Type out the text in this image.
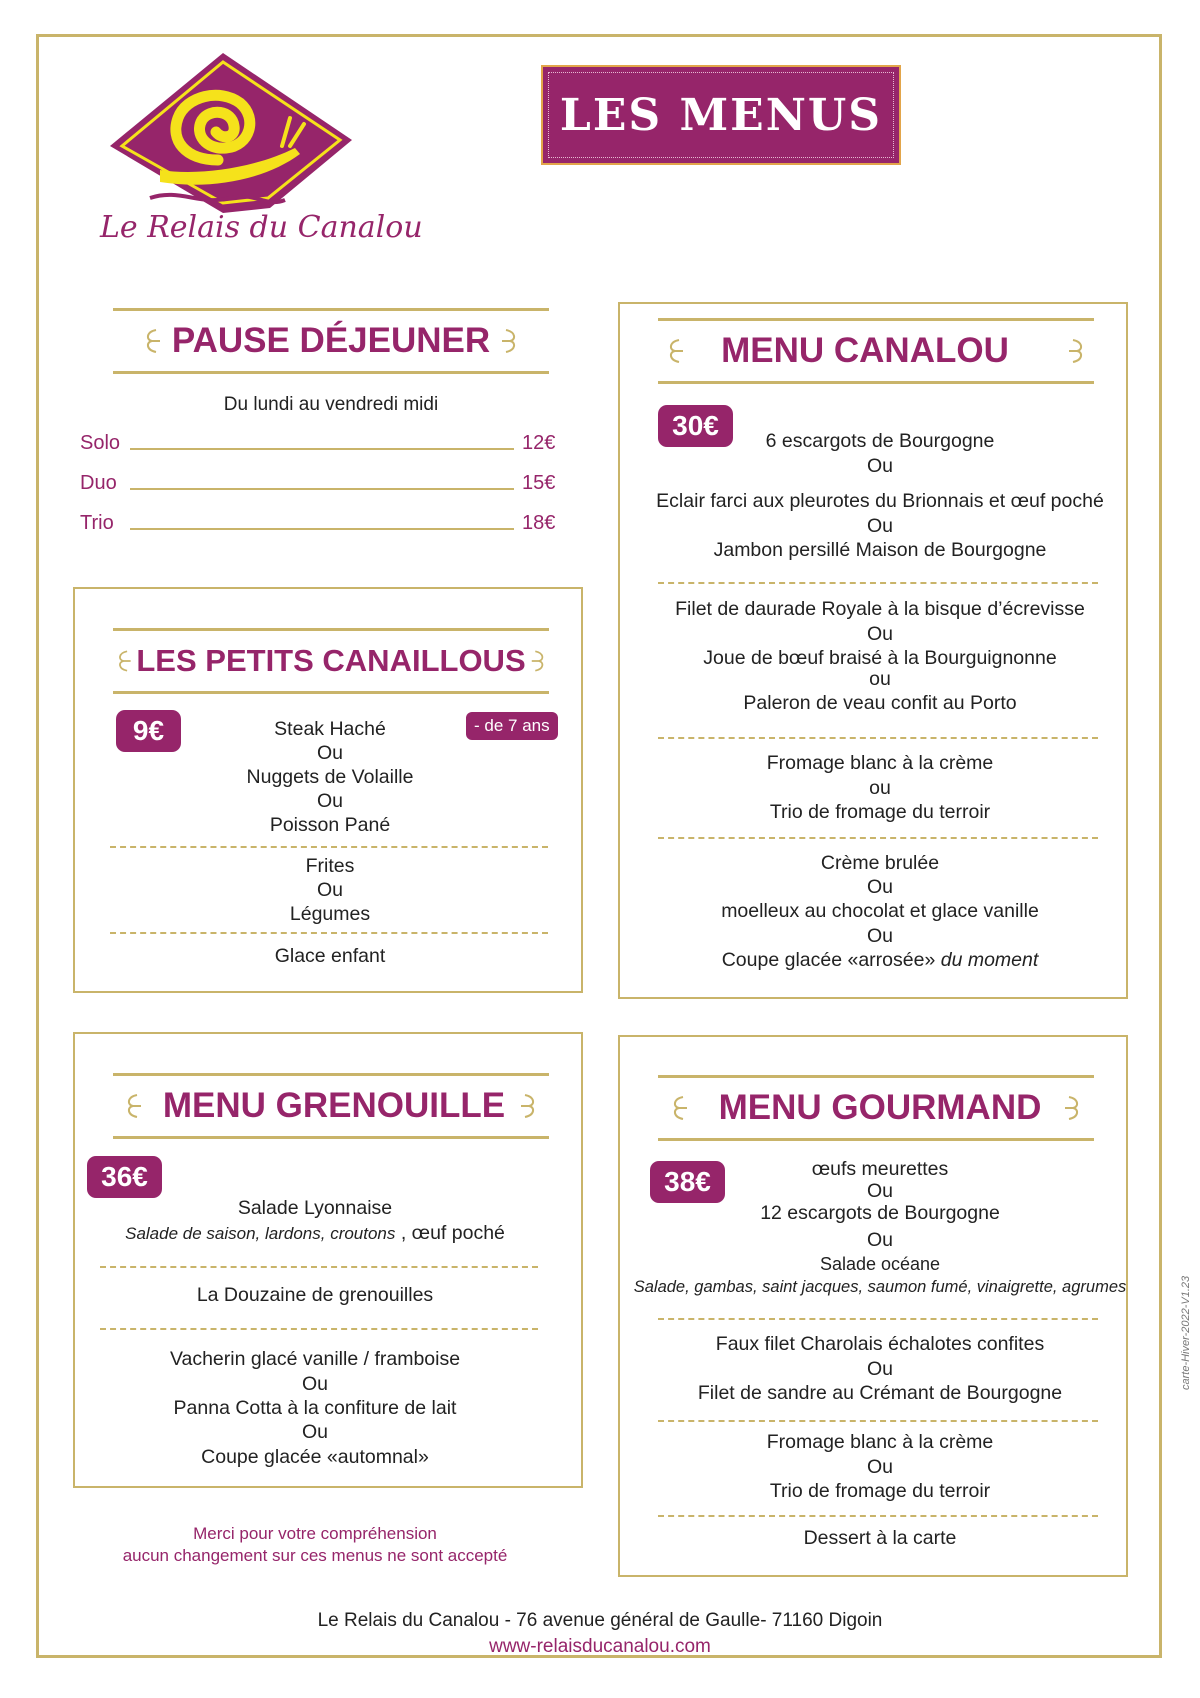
Le Relais du Canalou
LES MENUS
PAUSE DÉJEUNER
Du lundi au vendredi midi
Solo	12€
Duo	15€
Trio	18€
LES PETITS CANAILLOUS
9€	- de 7 ans
Steak Haché
Ou
Nuggets de Volaille
Ou
Poisson Pané
Frites
Ou
Légumes
Glace enfant
MENU CANALOU
30€	6 escargots de Bourgogne
Ou
Eclair farci aux pleurotes du Brionnais et œuf poché
Ou
Jambon persillé Maison de Bourgogne
Filet de daurade Royale à la bisque d’écrevisse
Ou
Joue de bœuf braisé à la Bourguignonne
ou
Paleron de veau confit au Porto
Fromage blanc à la crème
ou
Trio de fromage du terroir
Crème brulée
Ou
moelleux au chocolat et glace vanille
Ou
Coupe glacée «arrosée» du moment
MENU GRENOUILLE
36€
Salade Lyonnaise
Salade de saison, lardons, croutons , œuf poché
La Douzaine de grenouilles
Vacherin glacé vanille / framboise
Ou
Panna Cotta à la confiture de lait
Ou
Coupe glacée «automnal»
Merci pour votre compréhension
aucun changement sur ces menus ne sont accepté
MENU GOURMAND
38€	œufs meurettes
Ou
12 escargots de Bourgogne
Ou
Salade océane
Salade, gambas, saint jacques, saumon fumé, vinaigrette, agrumes
Faux filet Charolais échalotes confites
Ou
Filet de sandre au Crémant de Bourgogne
Fromage blanc à la crème
Ou
Trio de fromage du terroir
Dessert à la carte
carte-Hiver-2022-V1.23
Le Relais du Canalou - 76 avenue général de Gaulle- 71160 Digoin
www-relaisducanalou.com
